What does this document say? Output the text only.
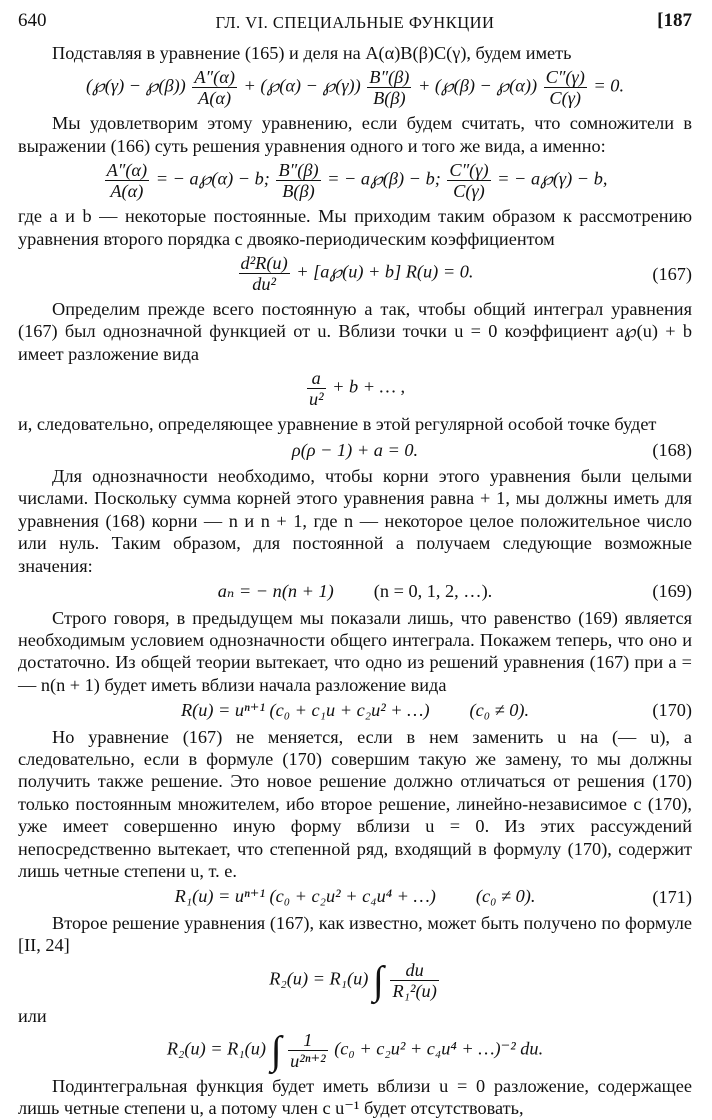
640	ГЛ. VI. СПЕЦИАЛЬНЫЕ ФУНКЦИИ	[187

Подставляя в уравнение (165) и деля на A(α)B(β)C(γ), будем иметь

(℘(γ) − ℘(β)) $\frac{A''(\alpha)}{A(\alpha)}$ + (℘(α) − ℘(γ)) $\frac{B''(\beta)}{B(\beta)}$ + (℘(β) − ℘(α)) $\frac{C''(\gamma)}{C(\gamma)} = 0$.

Мы удовлетворим этому уравнению, если будем считать, что сомножители в выражении (166) суть решения уравнения одного и того же вида, а именно:

$\frac{A''(\alpha)}{A(\alpha)}$ = − a℘(α) − b; $\frac{B''(\beta)}{B(\beta)}$ = − a℘(β) − b; $\frac{C''(\gamma)}{C(\gamma)}$ = − a℘(γ) − b,

где a и b — некоторые постоянные. Мы приходим таким образом к рассмотрению уравнения второго порядка с двояко-периодическим коэффициентом

$\frac{\text{d²R(u)}}{\text{du²}}$ + [a℘(u) + b] R(u) = 0.	(167)

Определим прежде всего постоянную a так, чтобы общий интеграл уравнения (167) был однозначной функцией от u. Вблизи точки u = 0 коэффициент a℘(u) + b имеет разложение вида

$\frac{a}{\text{u²}} + b$ + … ,

и, следовательно, определяющее уравнение в этой регулярной особой точке будет

ρ(ρ − 1) + a = 0.	(168)

Для однозначности необходимо, чтобы корни этого уравнения были целыми числами. Поскольку сумма корней этого уравнения равна + 1, мы должны иметь для уравнения (168) корни — n и n + 1, где n — некоторое целое положительное число или нуль. Таким образом, для постоянной a получаем следующие возможные значения:

aₙ = − n(n + 1) (n = 0, 1, 2, …).	(169)

Строго говоря, в предыдущем мы показали лишь, что равенство (169) является необходимым условием однозначности общего интеграла. Покажем теперь, что оно и достаточно. Из общей теории вытекает, что одно из решений уравнения (167) при a = — n(n + 1) будет иметь вблизи начала разложение вида

R(u) = uⁿ⁺¹ (c₀ + c₁u + c₂u² + …) (c₀ ≠ 0).	(170)

Но уравнение (167) не меняется, если в нем заменить u на (— u), а следовательно, если в формуле (170) совершим такую же замену, то мы должны получить также решение. Это новое решение должно отличаться от решения (170) только постоянным множителем, ибо второе решение, линейно-независимое с (170), уже имеет совершенно иную форму вблизи u = 0. Из этих рассуждений непосредственно вытекает, что степенной ряд, входящий в формулу (170), содержит лишь четные степени u, т. е.

R₁(u) = uⁿ⁺¹ (c₀ + c₂u² + c₄u⁴ + …) (c₀ ≠ 0).	(171)

Второе решение уравнения (167), как известно, может быть получено по формуле [II, 24]

R₂(u) = R₁(u) ∫ $\frac{du}{\text{R₁²(u)}}$

или

R₂(u) = R₁(u) ∫ $\frac{1}{\text{u²ⁿ⁺²}} (c_0 + c_2u^2 + c_4u^4$ + …)⁻² du.

Подинтегральная функция будет иметь вблизи u = 0 разложение, содержащее лишь четные степени u, а потому член с u⁻¹ будет отсутствовать,
